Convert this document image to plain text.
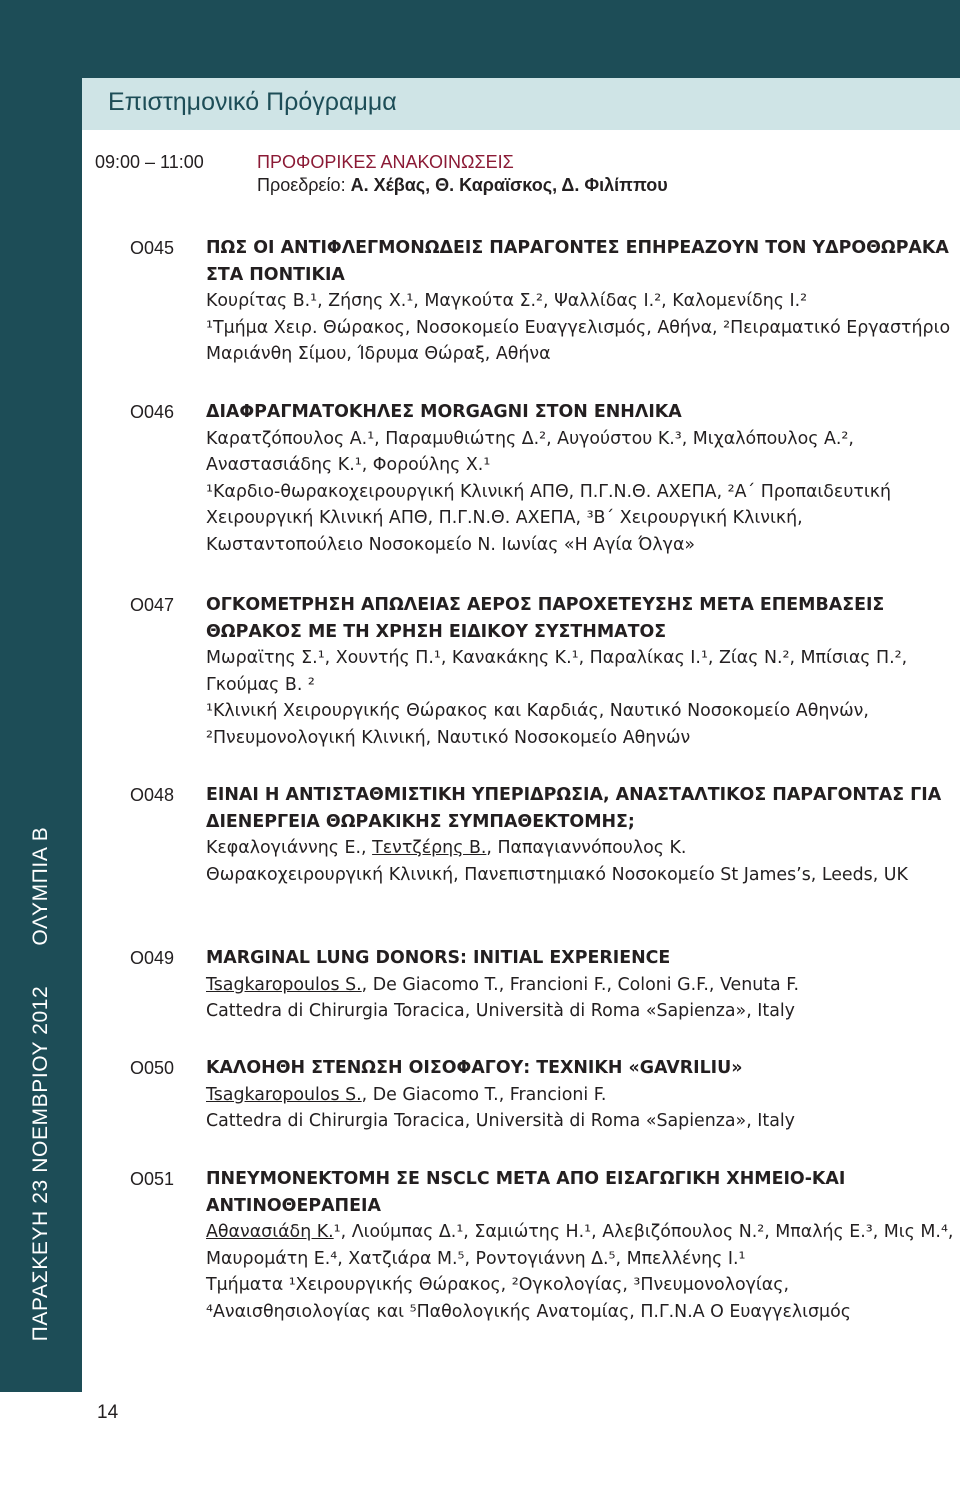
Επιστημονικό Πρόγραμμα
ΠΑΡΑΣΚΕΥΗ 23 ΝΟΕΜΒΡΙΟΥ 2012ΟΛΥΜΠΙΑ Β
14
09:00 – 11:00	ΠΡΟΦΟΡΙΚΕΣ ΑΝΑΚΟΙΝΩΣΕΙΣ
Προεδρείο: Α. Χέβας, Θ. Καραϊσκος, Δ. Φιλίππου
Ο045	ΠΩΣ ΟΙ ΑΝΤΙΦΛΕΓΜΟΝΩΔΕΙΣ ΠΑΡΑΓΟΝΤΕΣ ΕΠΗΡΕΑΖΟΥΝ ΤΟΝ ΥΔΡΟΘΩΡΑΚΑ ΣΤΑ ΠΟΝΤΙΚΙΑ
Κουρίτας Β.¹, Ζήσης Χ.¹, Μαγκούτα Σ.², Ψαλλίδας Ι.², Καλομενίδης Ι.²
¹Τμήμα Χειρ. Θώρακος, Νοσοκομείο Ευαγγελισμός, Αθήνα, ²Πειραματικό Εργαστήριο Μαριάνθη Σίμου, Ίδρυμα Θώραξ, Αθήνα
Ο046	ΔΙΑΦΡΑΓΜΑΤΟΚΗΛΕΣ MORGAGNI ΣΤΟΝ ΕΝΗΛΙΚΑ
Καρατζόπουλος Α.¹, Παραμυθιώτης Δ.², Αυγούστου Κ.³, Μιχαλόπουλος Α.², Αναστασιάδης Κ.¹, Φορούλης Χ.¹
¹Καρδιο-θωρακοχειρουργική Κλινική ΑΠΘ, Π.Γ.Ν.Θ. ΑΧΕΠΑ, ²Α΄ Προπαιδευτική Χειρουργική Κλινική ΑΠΘ, Π.Γ.Ν.Θ. ΑΧΕΠΑ, ³Β΄ Χειρουργική Κλινική, Κωσταντοπούλειο Νοσοκομείο Ν. Ιωνίας «Η Αγία Όλγα»
Ο047	ΟΓΚΟΜΕΤΡΗΣΗ ΑΠΩΛΕΙΑΣ ΑΕΡΟΣ ΠΑΡΟΧΕΤΕΥΣΗΣ ΜΕΤΑ ΕΠΕΜΒΑΣΕΙΣ ΘΩΡΑΚΟΣ ΜΕ ΤΗ ΧΡΗΣΗ ΕΙΔΙΚΟΥ ΣΥΣΤΗΜΑΤΟΣ
Μωραϊτης Σ.¹, Χουντής Π.¹, Κανακάκης Κ.¹, Παραλίκας Ι.¹, Ζίας Ν.², Μπίσιας Π.², Γκούμας Β. ²
¹Κλινική Χειρουργικής Θώρακος και Καρδιάς, Ναυτικό Νοσοκομείο Αθηνών, ²Πνευμονολογική Κλινική, Ναυτικό Νοσοκομείο Αθηνών
Ο048	ΕΙΝΑΙ Η ΑΝΤΙΣΤΑΘΜΙΣΤΙΚΗ ΥΠΕΡΙΔΡΩΣΙΑ, ΑΝΑΣΤΑΛΤΙΚΟΣ ΠΑΡΑΓΟΝΤΑΣ ΓΙΑ ΔΙΕΝΕΡΓΕΙΑ ΘΩΡΑΚΙΚΗΣ ΣΥΜΠΑΘΕΚΤΟΜΗΣ;
Κεφαλογιάννης Ε., Τεντζέρης Β., Παπαγιαννόπουλος Κ.
Θωρακοχειρουργική Κλινική, Πανεπιστημιακό Νοσοκομείο St James’s, Leeds, UK
Ο049	MARGINAL LUNG DONORS: INITIAL EXPERIENCE
Tsagkaropoulos S., De Giacomo T., Francioni F., Coloni G.F., Venuta F.
Cattedra di Chirurgia Toracica, Università di Roma «Sapienza», Italy
Ο050	ΚΑΛΟΗΘΗ ΣΤΕΝΩΣΗ ΟΙΣΟΦΑΓΟΥ: ΤΕΧΝΙΚΗ «GAVRILIU»
Tsagkaropoulos S., De Giacomo T., Francioni F.
Cattedra di Chirurgia Toracica, Università di Roma «Sapienza», Italy
Ο051	ΠΝΕΥΜΟΝΕΚΤΟΜΗ ΣΕ NSCLC ΜΕΤΑ ΑΠΟ ΕΙΣΑΓΩΓΙΚΗ ΧΗΜΕΙΟ-ΚΑΙ ΑΝΤΙΝΟΘΕΡΑΠΕΙΑ
Αθανασιάδη Κ.¹, Λιούμπας Δ.¹, Σαμιώτης Η.¹, Αλεβιζόπουλος Ν.², Μπαλής Ε.³, Μις Μ.⁴, Μαυρομάτη Ε.⁴, Χατζιάρα Μ.⁵, Ροντογιάννη Δ.⁵, Μπελλένης Ι.¹
Τμήματα ¹Χειρουργικής Θώρακος, ²Ογκολογίας, ³Πνευμονολογίας, ⁴Αναισθησιολογίας και ⁵Παθολογικής Ανατομίας, Π.Γ.Ν.Α Ο Ευαγγελισμός
